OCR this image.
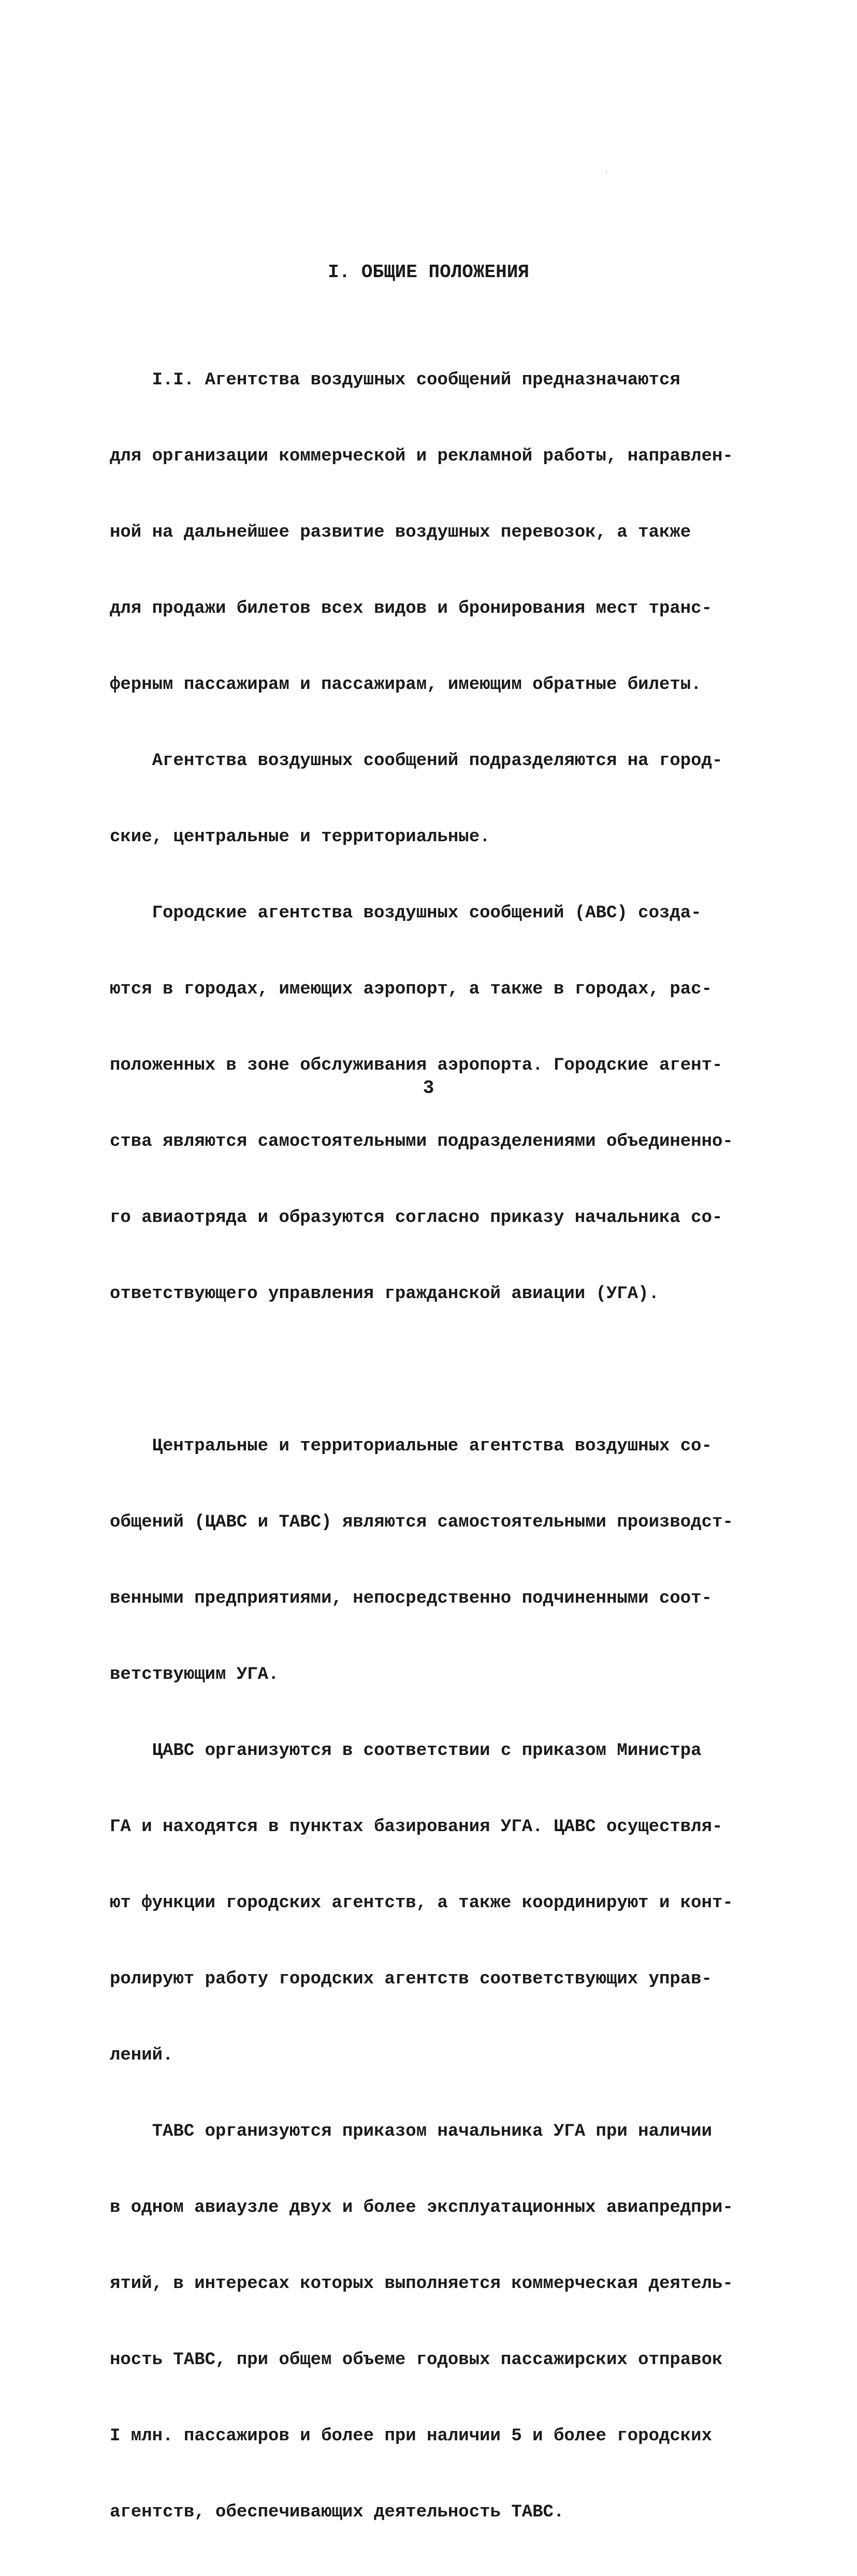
I. ОБЩИЕ ПОЛОЖЕНИЯ

I.I. Агентства воздушных сообщений предназначаются

для организации коммерческой и рекламной работы, направлен-

ной на дальнейшее развитие воздушных перевозок, а также

для продажи билетов всех видов и бронирования мест транс-

ферным пассажирам и пассажирам, имеющим обратные билеты.

Агентства воздушных сообщений подразделяются на город-

ские, центральные и территориальные.

Городские агентства воздушных сообщений (АВС) созда-

ются в городах, имеющих аэропорт, а также в городах, рас-

положенных в зоне обслуживания аэропорта. Городские агент-

ства являются самостоятельными подразделениями объединенно-

го авиаотряда и образуются согласно приказу начальника со-

ответствующего управления гражданской авиации (УГА).

Центральные и территориальные агентства воздушных со-

общений (ЦАВС и ТАВС) являются самостоятельными производст-

венными предприятиями, непосредственно подчиненными соот-

ветствующим УГА.

ЦАВС организуются в соответствии с приказом Министра

ГА и находятся в пунктах базирования УГА. ЦАВС осуществля-

ют функции городских агентств, а также координируют и конт-

ролируют работу городских агентств соответствующих управ-

лений.

ТАВС организуются приказом начальника УГА при наличии

в одном авиаузле двух и более эксплуатационных авиапредпри-

ятий, в интересах которых выполняется коммерческая деятель-

ность ТАВС, при общем объеме годовых пассажирских отправок

I млн. пассажиров и более при наличии 5 и более городских

агентств, обеспечивающих деятельность ТАВС.

3
